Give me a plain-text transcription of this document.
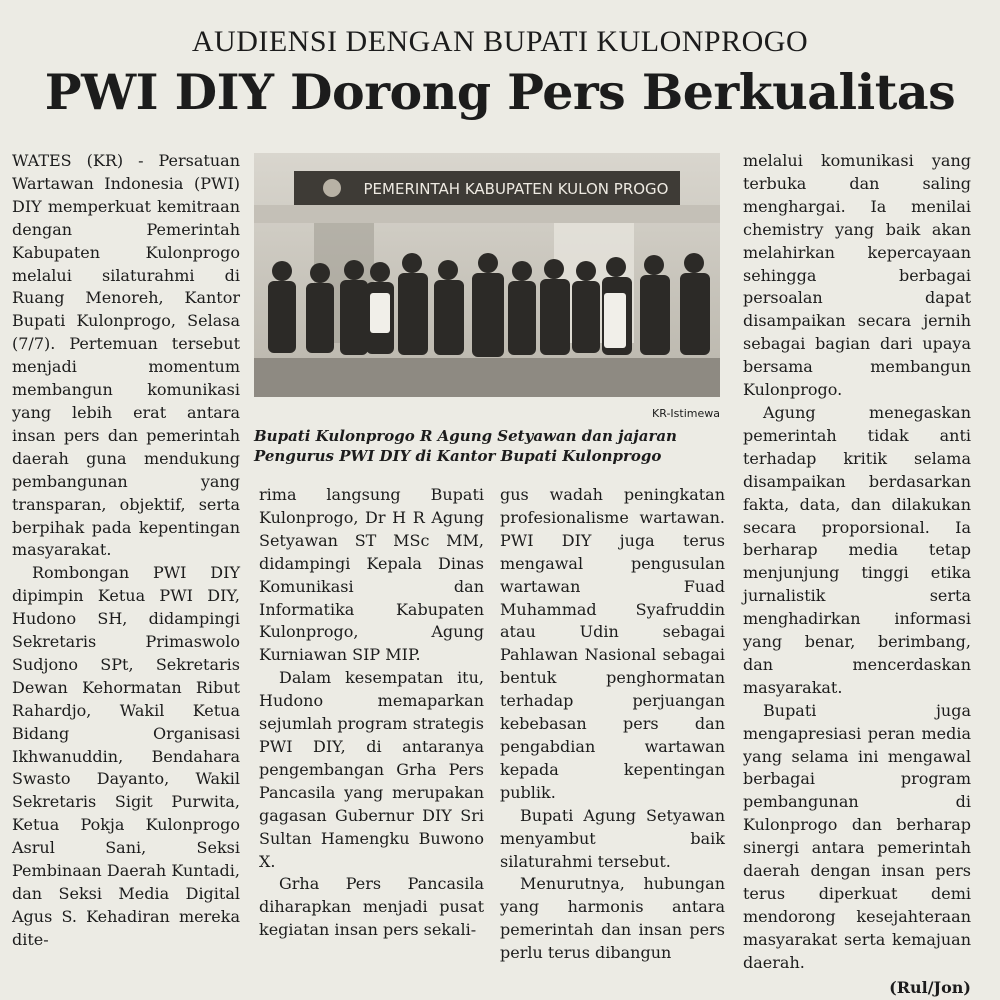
AUDIENSI DENGAN BUPATI KULONPROGO
PWI DIY Dorong Pers Berkualitas

WATES (KR) - Persatuan Wartawan Indonesia (PWI) DIY memperkuat kemitraan dengan Pemerintah Kabupaten Kulonprogo melalui silaturahmi di Ruang Menoreh, Kantor Bupati Kulonprogo, Selasa (7/7). Pertemuan tersebut menjadi momentum membangun komunikasi yang lebih erat antara insan pers dan pemerintah daerah guna mendukung pembangunan yang transparan, objektif, serta berpihak pada kepentingan masyarakat.

Rombongan PWI DIY dipimpin Ketua PWI DIY, Hudono SH, didampingi Sekretaris Primaswolo Sudjono SPt, Sekretaris Dewan Kehormatan Ribut Rahardjo, Wakil Ketua Bidang Organisasi Ikhwanuddin, Bendahara Swasto Dayanto, Wakil Sekretaris Sigit Purwita, Ketua Pokja Kulonprogo Asrul Sani, Seksi Pembinaan Daerah Kuntadi, dan Seksi Media Digital Agus S. Kehadiran mereka dite-

PEMERINTAH KABUPATEN KULON PROGO
KR-Istimewa
Bupati Kulonprogo R Agung Setyawan dan jajaran
Pengurus PWI DIY di Kantor Bupati Kulonprogo

rima langsung Bupati Kulonprogo, Dr H R Agung Setyawan ST MSc MM, didampingi Kepala Dinas Komunikasi dan Informatika Kabupaten Kulonprogo, Agung Kurniawan SIP MIP.

Dalam kesempatan itu, Hudono memaparkan sejumlah program strategis PWI DIY, di antaranya pengembangan Grha Pers Pancasila yang merupakan gagasan Gubernur DIY Sri Sultan Hamengku Buwono X.

Grha Pers Pancasila diharapkan menjadi pusat kegiatan insan pers sekali-

gus wadah peningkatan profesionalisme wartawan. PWI DIY juga terus mengawal pengusulan wartawan Fuad Muhammad Syafruddin atau Udin sebagai Pahlawan Nasional sebagai bentuk penghormatan terhadap perjuangan kebebasan pers dan pengabdian wartawan kepada kepentingan publik.

Bupati Agung Setyawan menyambut baik silaturahmi tersebut.

Menurutnya, hubungan yang harmonis antara pemerintah dan insan pers perlu terus dibangun

melalui komunikasi yang terbuka dan saling menghargai. Ia menilai chemistry yang baik akan melahirkan kepercayaan sehingga berbagai persoalan dapat disampaikan secara jernih sebagai bagian dari upaya bersama membangun Kulonprogo.

Agung menegaskan pemerintah tidak anti terhadap kritik selama disampaikan berdasarkan fakta, data, dan dilakukan secara proporsional. Ia berharap media tetap menjunjung tinggi etika jurnalistik serta menghadirkan informasi yang benar, berimbang, dan mencerdaskan masyarakat.

Bupati juga mengapresiasi peran media yang selama ini mengawal berbagai program pembangunan di Kulonprogo dan berharap sinergi antara pemerintah daerah dengan insan pers terus diperkuat demi mendorong kesejahteraan masyarakat serta kemajuan daerah.

(Rul/Jon)
